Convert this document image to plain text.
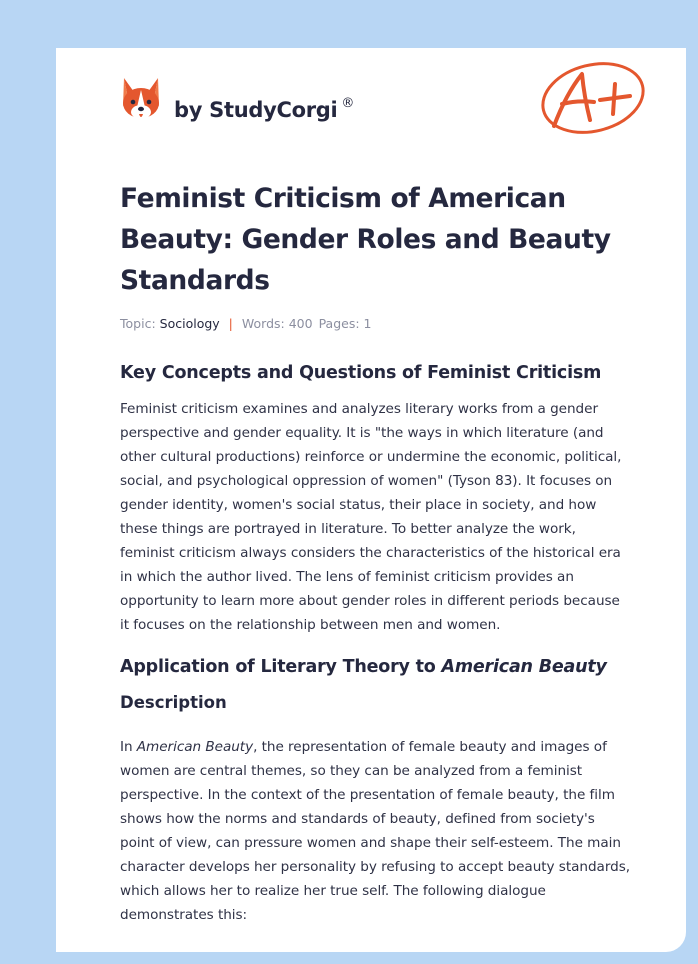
by StudyCorgi ®
Feminist Criticism of American Beauty: Gender Roles and Beauty Standards
Topic: Sociology | Words: 400 Pages: 1
Key Concepts and Questions of Feminist Criticism

Feminist criticism examines and analyzes literary works from a gender perspective and gender equality. It is "the ways in which literature (and other cultural productions) reinforce or undermine the economic, political, social, and psychological oppression of women" (Tyson 83). It focuses on gender identity, women's social status, their place in society, and how these things are portrayed in literature. To better analyze the work, feminist criticism always considers the characteristics of the historical era in which the author lived. The lens of feminist criticism provides an opportunity to learn more about gender roles in different periods because it focuses on the relationship between men and women.

Application of Literary Theory to American Beauty
Description

In American Beauty, the representation of female beauty and images of women are central themes, so they can be analyzed from a feminist perspective. In the context of the presentation of female beauty, the film shows how the norms and standards of beauty, defined from society's point of view, can pressure women and shape their self-esteem. The main character develops her personality by refusing to accept beauty standards, which allows her to realize her true self. The following dialogue demonstrates this:
